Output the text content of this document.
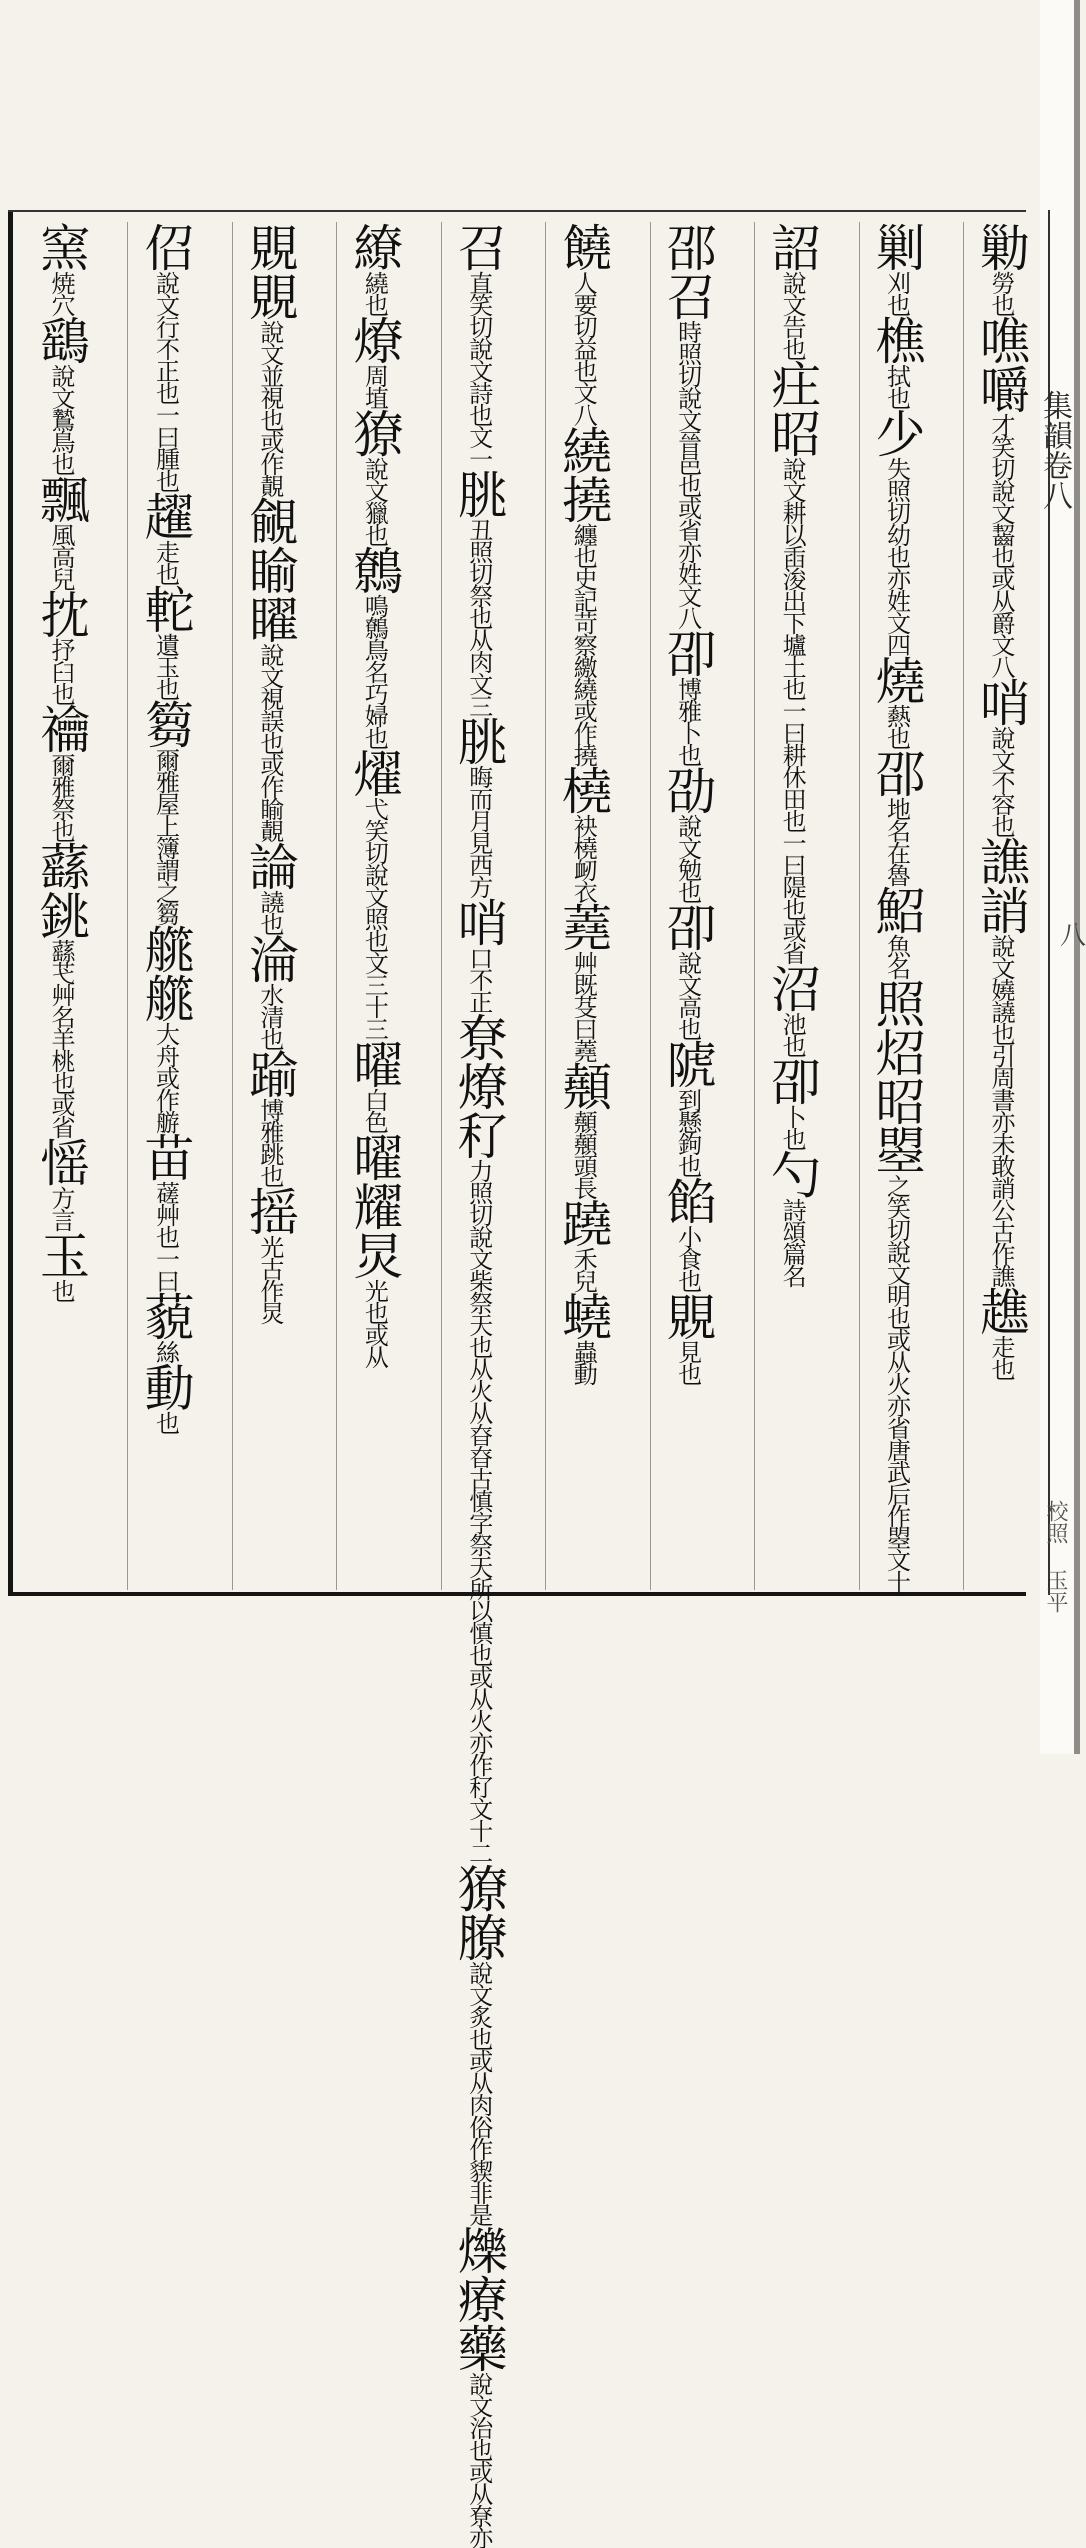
集韻卷八
八
校照 玉平
勦勞也噍嚼才笑切說文齧也或从爵文八哨說文不容也譙誚說文嬈譊也引周書亦未敢誚公古作譙趭走也
剿刈也樵拭也少失照切幼也亦姓文四燒爇也邵地名在魯鮉魚名照炤昭曌之笑切說文明也或从火亦省唐武后作曌文十
詔說文告也㽵昭說文耕以臿浚出下壚土也一曰耕休田也一曰隄也或省沼池也卲卜也勺詩頌篇名
邵召時照切說文晉邑也或省亦姓文八卲博雅卜也劭說文勉也卲說文高也䖎到懸鉤也餡小食也覞見也
饒人要切益也文八繞撓纏也史記苛察繳繞或作撓橈袂橈衂衣蕘艸既芟曰蕘顤顤顤頭長蹺禾兒蟯蟲動
召直笑切說文詩也文一朓丑照切祭也从肉文三朓晦而月見西方哨口不正尞燎䄦力照切說文柴祭天也从火从昚昚古慎字祭天所以慎也或从火亦作䄦文十二獠膫說文炙也或从肉俗作䝟非是爍療藥說文治也或从尞亦
繚繞也燎周埴獠說文獵也鷯鳴鷯鳥名巧婦也燿弋笑切說文照也文三十三曜白色曜耀炅光也或从
覞覞說文並視也或作䚍覦睮矅說文視誤也或作睮䚍論譊也淪水清也踰博雅跳也摇光古作炅
佋說文行不正也一曰腫也趯走也䡐遺玉也篘爾雅屋上簿謂之篘艞艞大舟或作䑻苗䕢艸也一曰藐絲動也
窯焼穴鷂說文鷙鳥也飄風高兒抌抒臼也禴爾雅祭也蘨銚蘨芅艸名羊桃也或省愮方言玉也
